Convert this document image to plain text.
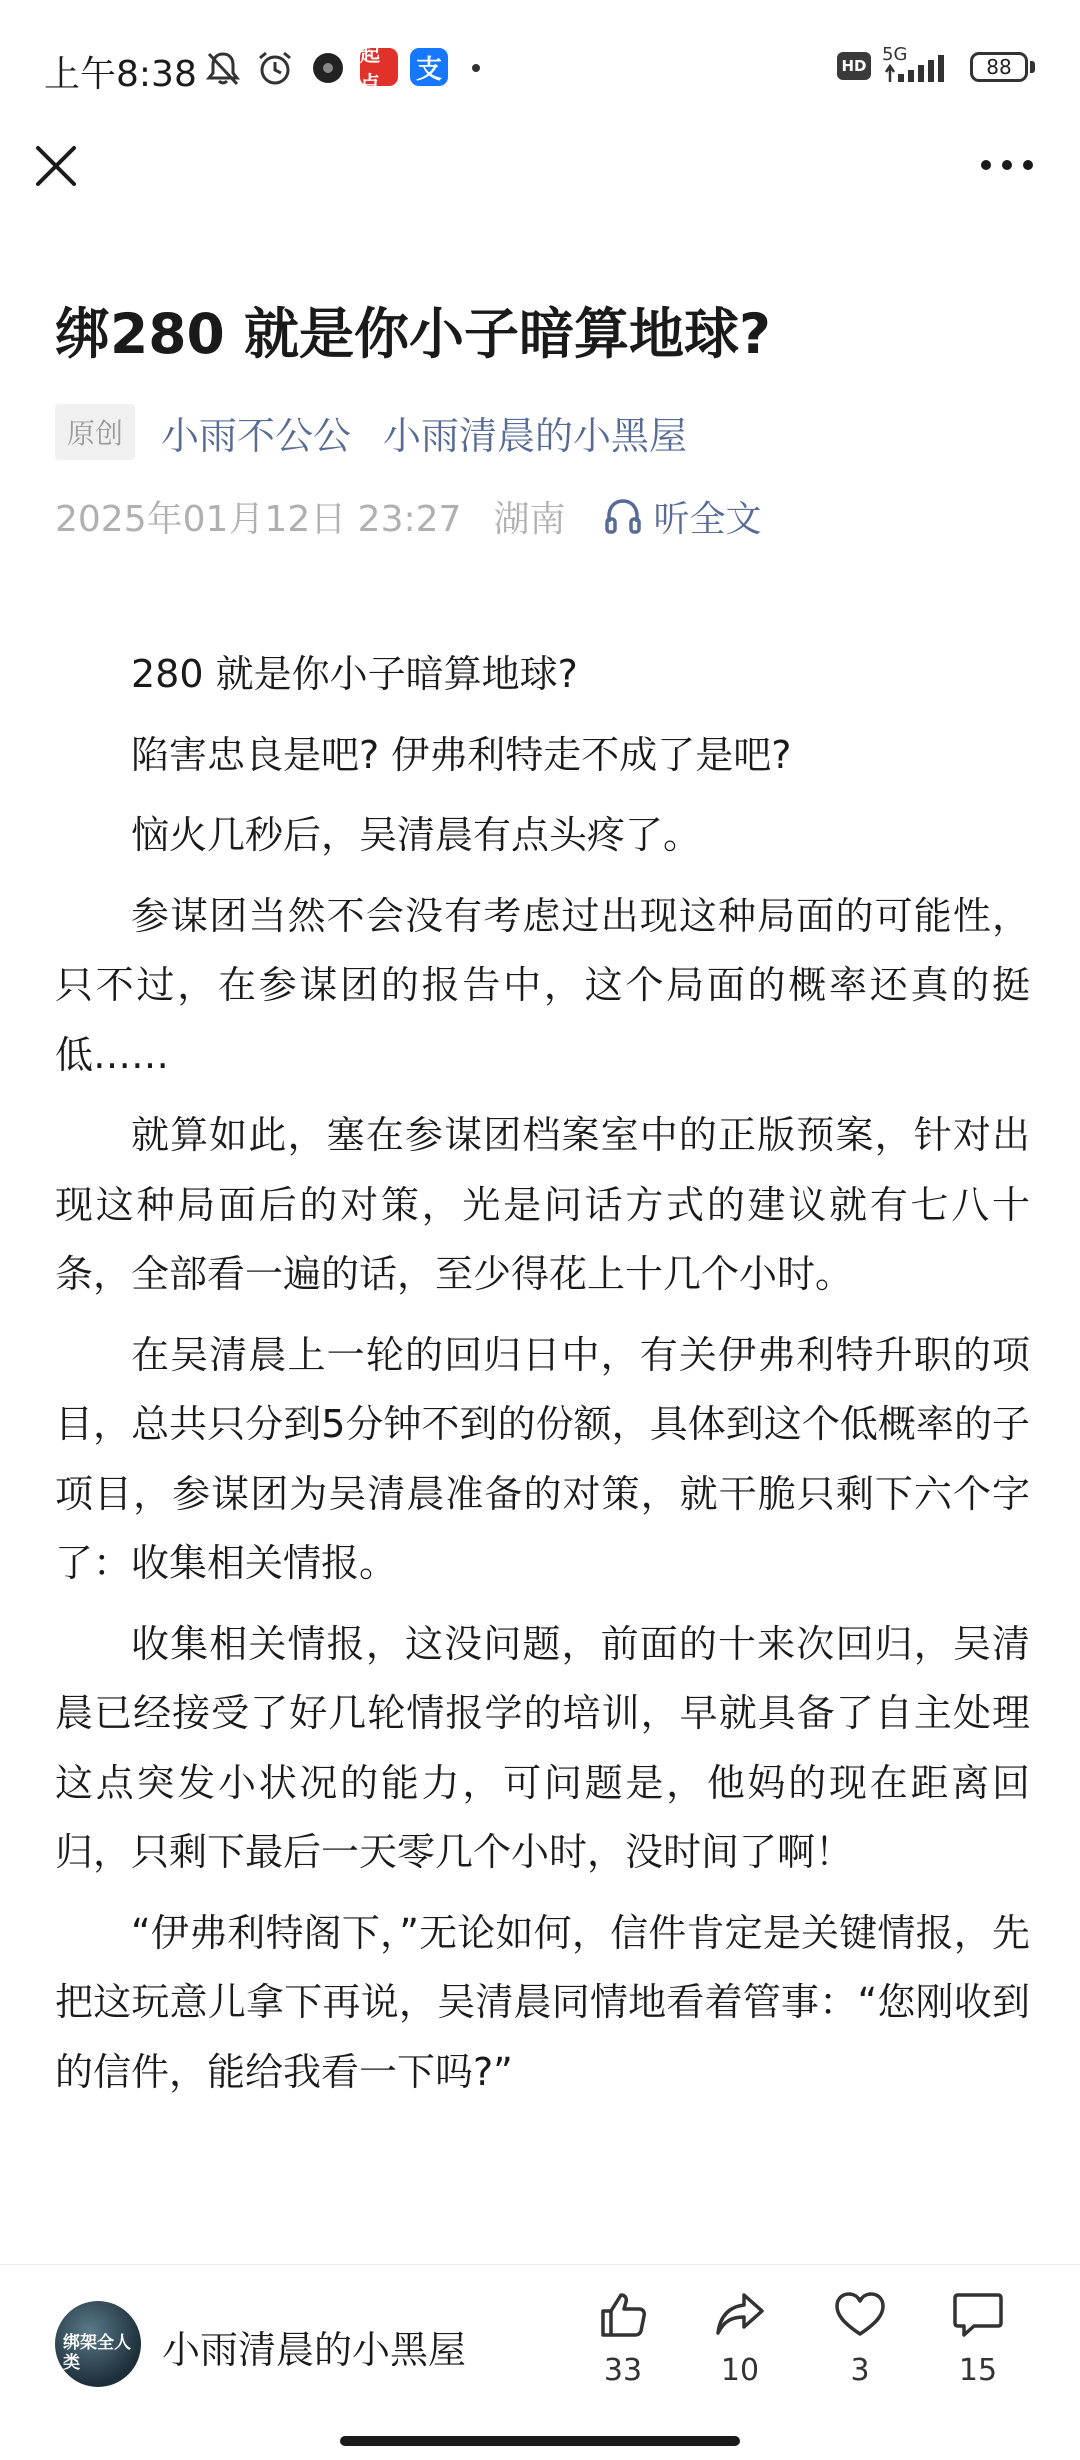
上午8:38	起点	支	HD
5G
88
绑280 就是你小子暗算地球?
原创	小雨不公公 小雨清晨的小黑屋
2025年01月12日 23:27 湖南 听全文

280 就是你小子暗算地球?

陷害忠良是吧? 伊弗利特走不成了是吧?

恼火几秒后，吴清晨有点头疼了。

参谋团当然不会没有考虑过出现这种局面的可能性，只不过，在参谋团的报告中，这个局面的概率还真的挺低……

就算如此，塞在参谋团档案室中的正版预案，针对出现这种局面后的对策，光是问话方式的建议就有七八十条，全部看一遍的话，至少得花上十几个小时。

在吴清晨上一轮的回归日中，有关伊弗利特升职的项目，总共只分到5分钟不到的份额，具体到这个低概率的子项目，参谋团为吴清晨准备的对策，就干脆只剩下六个字了：收集相关情报。

收集相关情报，这没问题，前面的十来次回归，吴清晨已经接受了好几轮情报学的培训，早就具备了自主处理这点突发小状况的能力，可问题是，他妈的现在距离回归，只剩下最后一天零几个小时，没时间了啊！

“伊弗利特阁下，”无论如何，信件肯定是关键情报，先把这玩意儿拿下再说，吴清晨同情地看着管事：“您刚收到的信件，能给我看一下吗?”

绑架全人类	小雨清晨的小黑屋	33	10	3	15
